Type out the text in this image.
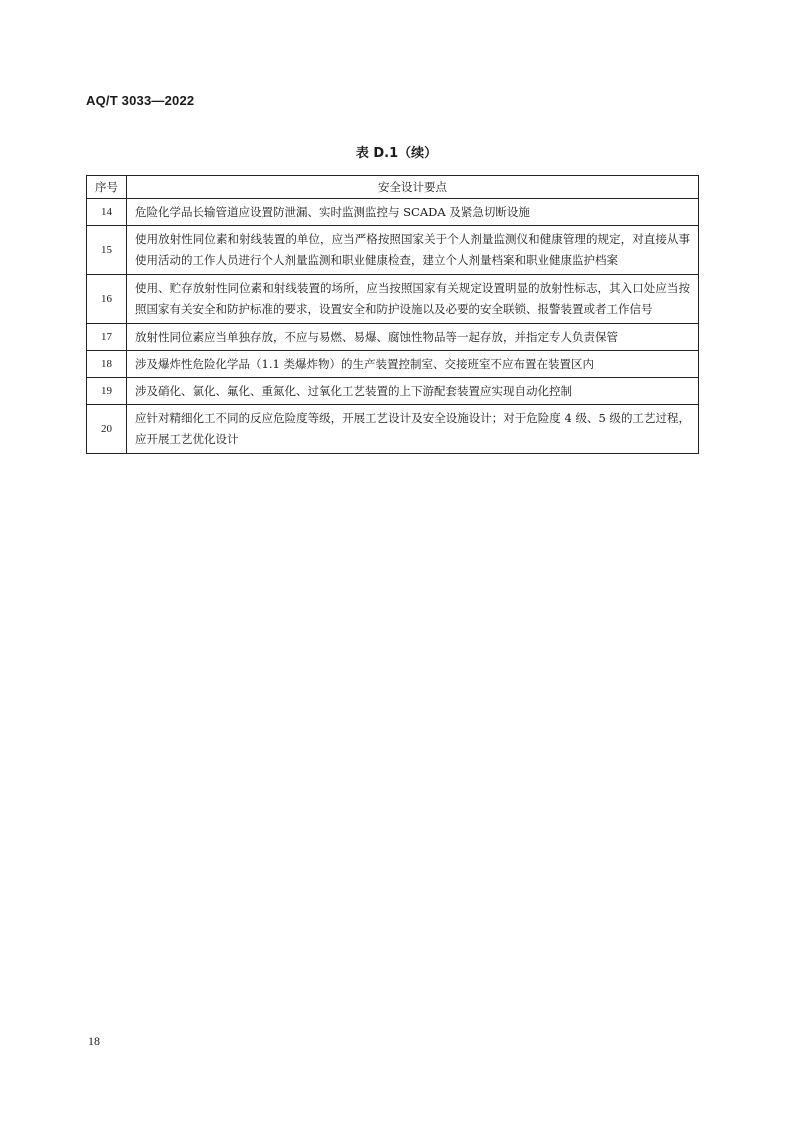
AQ/T 3033—2022
表 D.1（续）
序号	安全设计要点
14	危险化学品长输管道应设置防泄漏、实时监测监控与 SCADA 及紧急切断设施
15	使用放射性同位素和射线装置的单位，应当严格按照国家关于个人剂量监测仪和健康管理的规定，对直接从事使用活动的工作人员进行个人剂量监测和职业健康检查，建立个人剂量档案和职业健康监护档案
16	使用、贮存放射性同位素和射线装置的场所，应当按照国家有关规定设置明显的放射性标志，其入口处应当按照国家有关安全和防护标准的要求，设置安全和防护设施以及必要的安全联锁、报警装置或者工作信号
17	放射性同位素应当单独存放，不应与易燃、易爆、腐蚀性物品等一起存放，并指定专人负责保管
18	涉及爆炸性危险化学品（1.1 类爆炸物）的生产装置控制室、交接班室不应布置在装置区内
19	涉及硝化、氯化、氟化、重氮化、过氧化工艺装置的上下游配套装置应实现自动化控制
20	应针对精细化工不同的反应危险度等级，开展工艺设计及安全设施设计；对于危险度 4 级、5 级的工艺过程，应开展工艺优化设计
18
